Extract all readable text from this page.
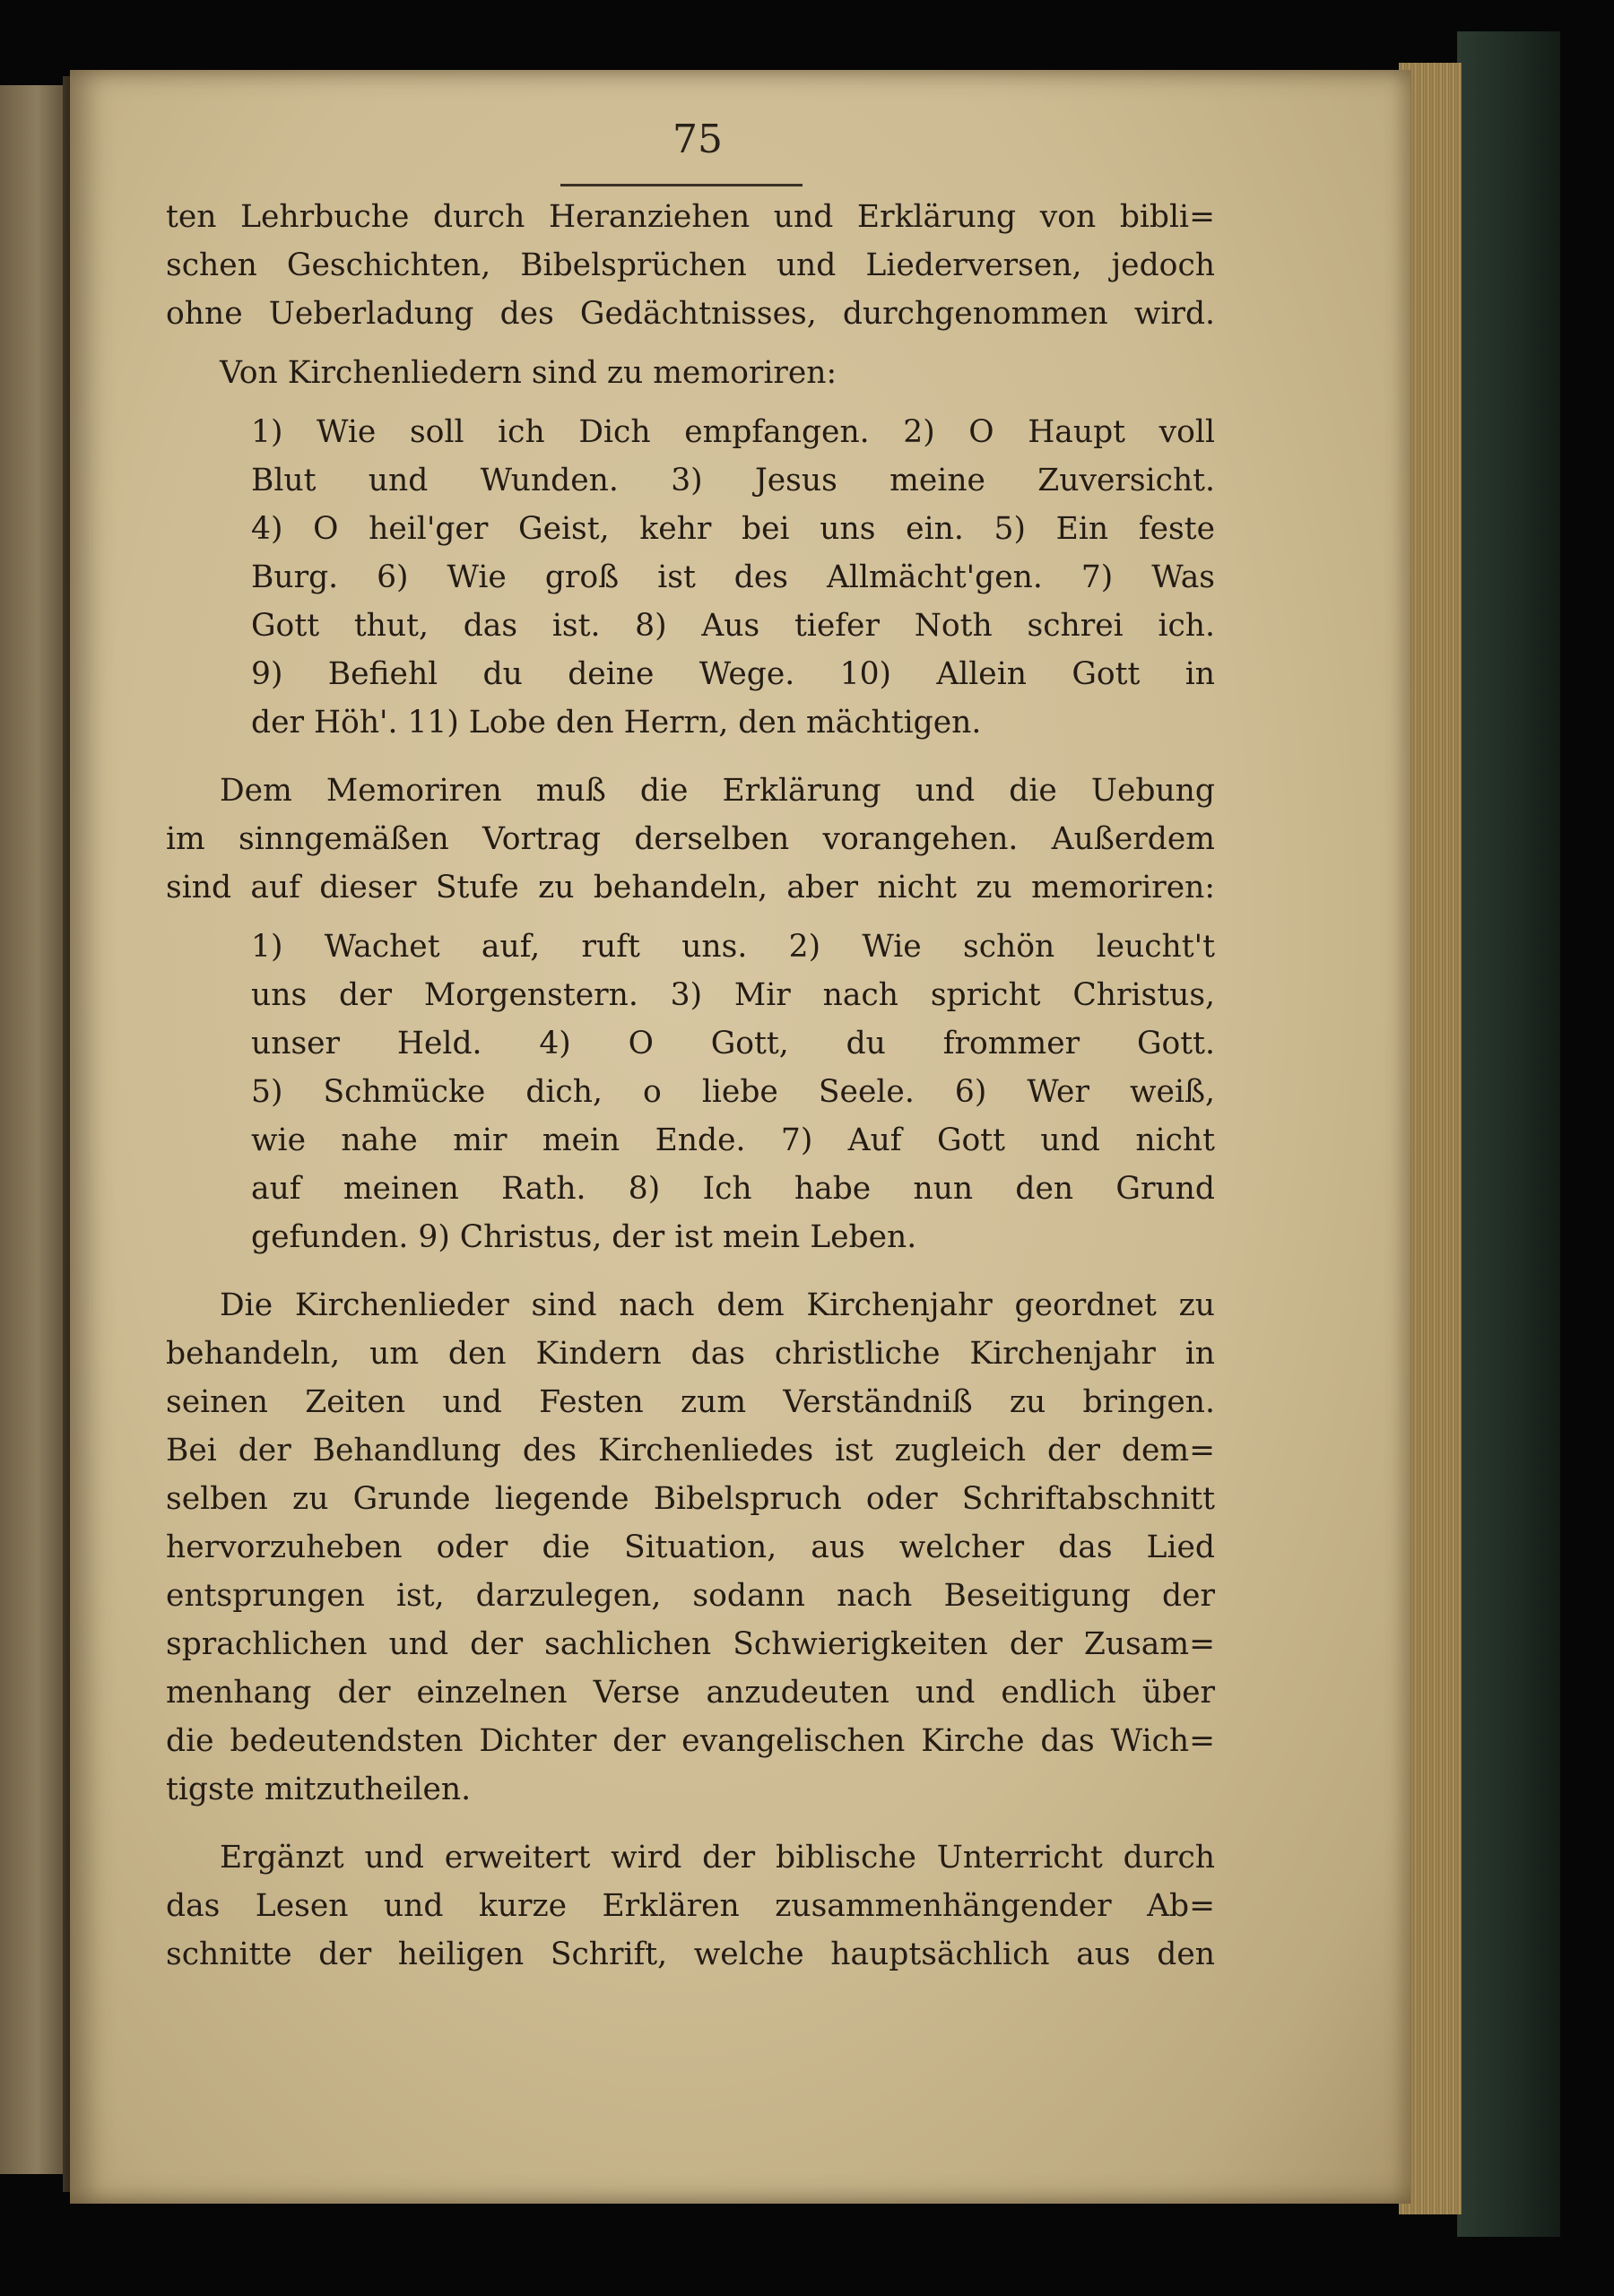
75
ten Lehrbuche durch Heranziehen und Erklärung von bibli=
schen Geschichten, Bibelsprüchen und Liederversen, jedoch
ohne Ueberladung des Gedächtnisses, durchgenommen wird.
Von Kirchenliedern sind zu memoriren:
1) Wie soll ich Dich empfangen. 2) O Haupt voll
Blut und Wunden. 3) Jesus meine Zuversicht.
4) O heil'ger Geist, kehr bei uns ein. 5) Ein feste
Burg. 6) Wie groß ist des Allmächt'gen. 7) Was
Gott thut, das ist. 8) Aus tiefer Noth schrei ich.
9) Befiehl du deine Wege. 10) Allein Gott in
der Höh'. 11) Lobe den Herrn, den mächtigen.
Dem Memoriren muß die Erklärung und die Uebung
im sinngemäßen Vortrag derselben vorangehen. Außerdem
sind auf dieser Stufe zu behandeln, aber nicht zu memoriren:
1) Wachet auf, ruft uns. 2) Wie schön leucht't
uns der Morgenstern. 3) Mir nach spricht Christus,
unser Held. 4) O Gott, du frommer Gott.
5) Schmücke dich, o liebe Seele. 6) Wer weiß,
wie nahe mir mein Ende. 7) Auf Gott und nicht
auf meinen Rath. 8) Ich habe nun den Grund
gefunden. 9) Christus, der ist mein Leben.
Die Kirchenlieder sind nach dem Kirchenjahr geordnet zu
behandeln, um den Kindern das christliche Kirchenjahr in
seinen Zeiten und Festen zum Verständniß zu bringen.
Bei der Behandlung des Kirchenliedes ist zugleich der dem=
selben zu Grunde liegende Bibelspruch oder Schriftabschnitt
hervorzuheben oder die Situation, aus welcher das Lied
entsprungen ist, darzulegen, sodann nach Beseitigung der
sprachlichen und der sachlichen Schwierigkeiten der Zusam=
menhang der einzelnen Verse anzudeuten und endlich über
die bedeutendsten Dichter der evangelischen Kirche das Wich=
tigste mitzutheilen.
Ergänzt und erweitert wird der biblische Unterricht durch
das Lesen und kurze Erklären zusammenhängender Ab=
schnitte der heiligen Schrift, welche hauptsächlich aus den
